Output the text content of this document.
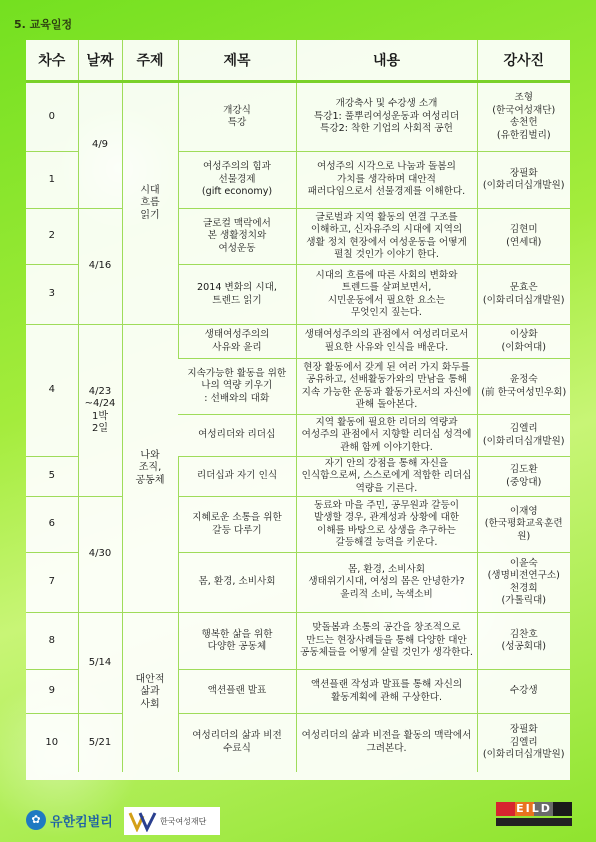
5. 교육일정
차수	날짜	주제	제목	내용	강사진
0	4/9	시대
흐름
읽기	개강식
특강	개강축사 및 수강생 소개
특강1: 풀뿌리여성운동과 여성리더
특강2: 착한 기업의 사회적 공헌	조형
(한국여성재단)
송천헌
(유한킴벌리)
1			여성주의의 힘과
선물경제
(gift economy)	여성주의 시각으로 나눔과 돌봄의
가치를 생각하며 대안적
패러다임으로서 선물경제를 이해한다.	장필화
(이화리더십개발원)
2	4/16		글로컬 맥락에서
본 생활정치와
여성운동	글로벌과 지역 활동의 연결 구조를
이해하고, 신자유주의 시대에 지역의
생활 정치 현장에서 여성운동을 어떻게
펼칠 것인가 이야기 한다.	김현미
(연세대)
3			2014 변화의 시대,
트렌드 읽기	시대의 흐름에 따른 사회의 변화와
트렌드를 살펴보면서,
시민운동에서 필요한 요소는
무엇인지 짚는다.	문효은
(이화리더십개발원)
4	4/23
~4/24
1박
2일	나와
조직,
공동체	생태여성주의의
사유와 윤리	생태여성주의의 관점에서 여성리더로서
필요한 사유와 인식을 배운다.	이상화
(이화여대)
			지속가능한 활동을 위한
나의 역량 키우기
: 선배와의 대화	현장 활동에서 갖게 된 여러 가지 화두를
공유하고, 선배활동가와의 만남을 통해
지속 가능한 운동과 활동가로서의 자신에
관해 돌아본다.	윤정숙
(前 한국여성민우회)
			여성리더와 리더십	지역 활동에 필요한 리더의 역량과
여성주의 관점에서 지향할 리더십 성격에
관해 함께 이야기한다.	김엘리
(이화리더십개발원)
5			리더십과 자기 인식	자기 안의 강점을 통해 자신을
인식함으로써, 스스로에게 적합한 리더십
역량을 기른다.	김도환
(중앙대)
6	4/30		지혜로운 소통을 위한
갈등 다루기	동료와 마을 주민, 공무원과 갈등이
발생할 경우, 관계성과 상황에 대한
이해를 바탕으로 상생을 추구하는
갈등해결 능력을 키운다.	이재영
(한국평화교육훈련원)
7			몸, 환경, 소비사회	몸, 환경, 소비사회
생태위기시대, 여성의 몸은 안녕한가?
윤리적 소비, 녹색소비	이윤숙
(생명비전연구소)
천경희
(가톨릭대)
8	5/14	대안적
삶과
사회	행복한 삶을 위한
다양한 공동체	맞돌봄과 소통의 공간을 창조적으로
만드는 현장사례들을 통해 다양한 대안
공동체들을 어떻게 살릴 것인가 생각한다.	김찬호
(성공회대)
9			액션플랜 발표	액션플랜 작성과 발표를 통해 자신의
활동계획에 관해 구상한다.	수강생
10	5/21		여성리더의 삶과 비전
수료식	여성리더의 삶과 비전을 활동의 맥락에서
그려본다.	장필화
김엘리
(이화리더십개발원)
✿ 유한킴벌리	한국여성재단
EILD
